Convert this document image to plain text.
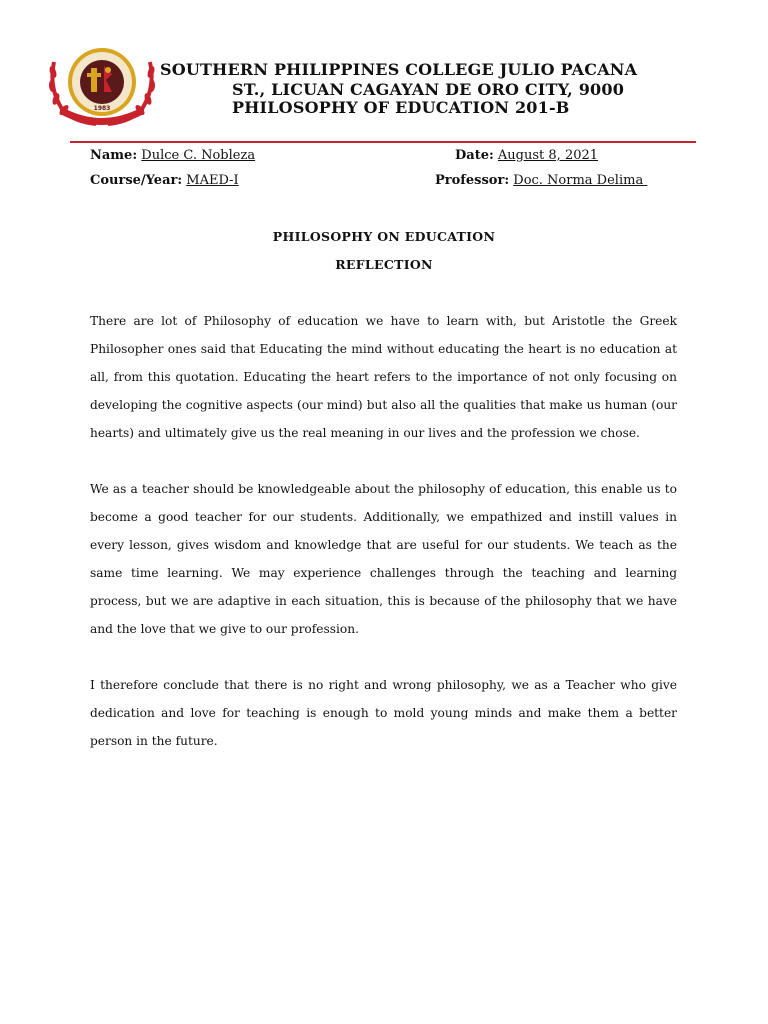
1983
SOUTHERN PHILIPPINES COLLEGE JULIO PACANA
ST., LICUAN CAGAYAN DE ORO CITY, 9000
PHILOSOPHY OF EDUCATION 201-B
Name: Dulce C. Nobleza	Date: August 8, 2021
Course/Year: MAED-I	Professor: Doc. Norma Delima
PHILOSOPHY ON EDUCATION
REFLECTION

There are lot of Philosophy of education we have to learn with, but Aristotle the Greek Philosopher ones said that Educating the mind without educating the heart is no education at all, from this quotation. Educating the heart refers to the importance of not only focusing on developing the cognitive aspects (our mind) but also all the qualities that make us human (our hearts) and ultimately give us the real meaning in our lives and the profession we chose.

We as a teacher should be knowledgeable about the philosophy of education, this enable us to become a good teacher for our students. Additionally, we empathized and instill values in every lesson, gives wisdom and knowledge that are useful for our students. We teach as the same time learning. We may experience challenges through the teaching and learning process, but we are adaptive in each situation, this is because of the philosophy that we have and the love that we give to our profession.

I therefore conclude that there is no right and wrong philosophy, we as a Teacher who give dedication and love for teaching is enough to mold young minds and make them a better person in the future.
